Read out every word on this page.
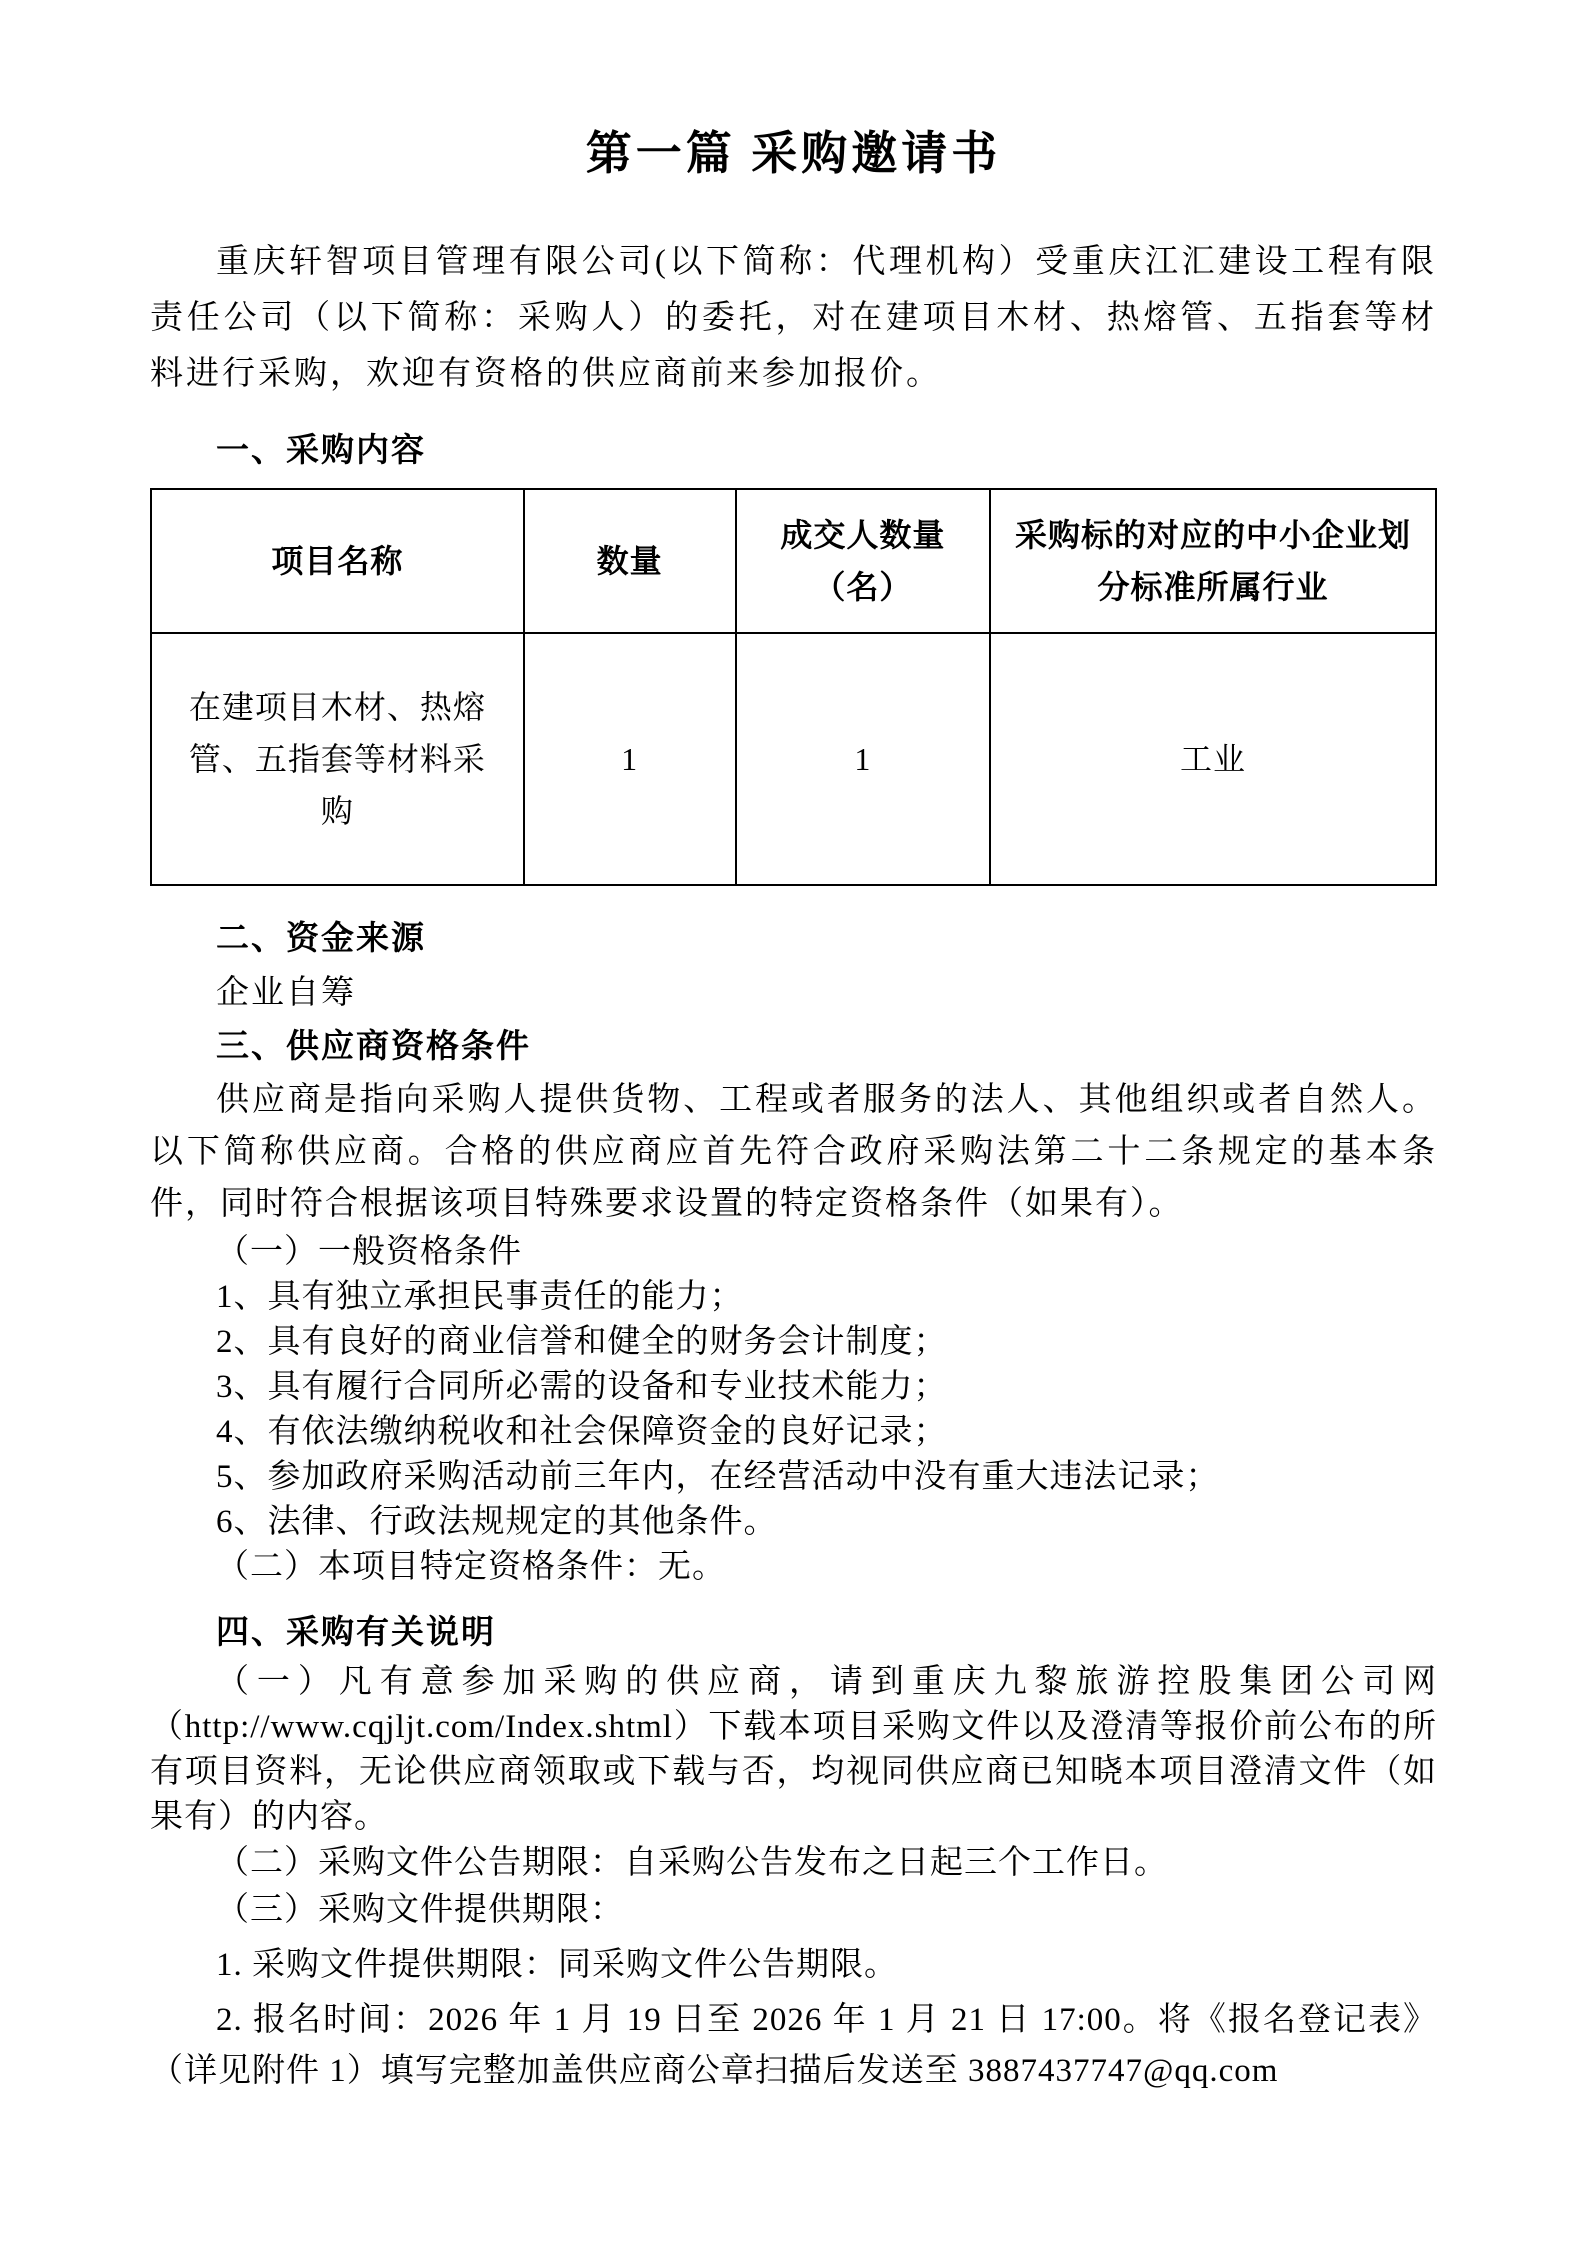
第一篇 采购邀请书

重庆轩智项目管理有限公司(以下简称：代理机构）受重庆江汇建设工程有限责任公司（以下简称：采购人）的委托，对在建项目木材、热熔管、五指套等材料进行采购，欢迎有资格的供应商前来参加报价。

一、采购内容
项目名称	数量	成交人数量（名）	采购标的对应的中小企业划分标准所属行业
在建项目木材、热熔管、五指套等材料采购	1	1	工业
二、资金来源

企业自筹

三、供应商资格条件

供应商是指向采购人提供货物、工程或者服务的法人、其他组织或者自然人。以下简称供应商。合格的供应商应首先符合政府采购法第二十二条规定的基本条件，同时符合根据该项目特殊要求设置的特定资格条件（如果有）。

（一）一般资格条件

1、具有独立承担民事责任的能力；

2、具有良好的商业信誉和健全的财务会计制度；

3、具有履行合同所必需的设备和专业技术能力；

4、有依法缴纳税收和社会保障资金的良好记录；

5、参加政府采购活动前三年内，在经营活动中没有重大违法记录；

6、法律、行政法规规定的其他条件。

（二）本项目特定资格条件：无。

四、采购有关说明

（一）凡有意参加采购的供应商，请到重庆九黎旅游控股集团公司网（http://www.cqjljt.com/Index.shtml）下载本项目采购文件以及澄清等报价前公布的所有项目资料，无论供应商领取或下载与否，均视同供应商已知晓本项目澄清文件（如果有）的内容。

（二）采购文件公告期限：自采购公告发布之日起三个工作日。

（三）采购文件提供期限：

1. 采购文件提供期限：同采购文件公告期限。

2. 报名时间：2026 年 1 月 19 日至 2026 年 1 月 21 日 17:00。将《报名登记表》（详见附件 1）填写完整加盖供应商公章扫描后发送至 3887437747@qq.com
